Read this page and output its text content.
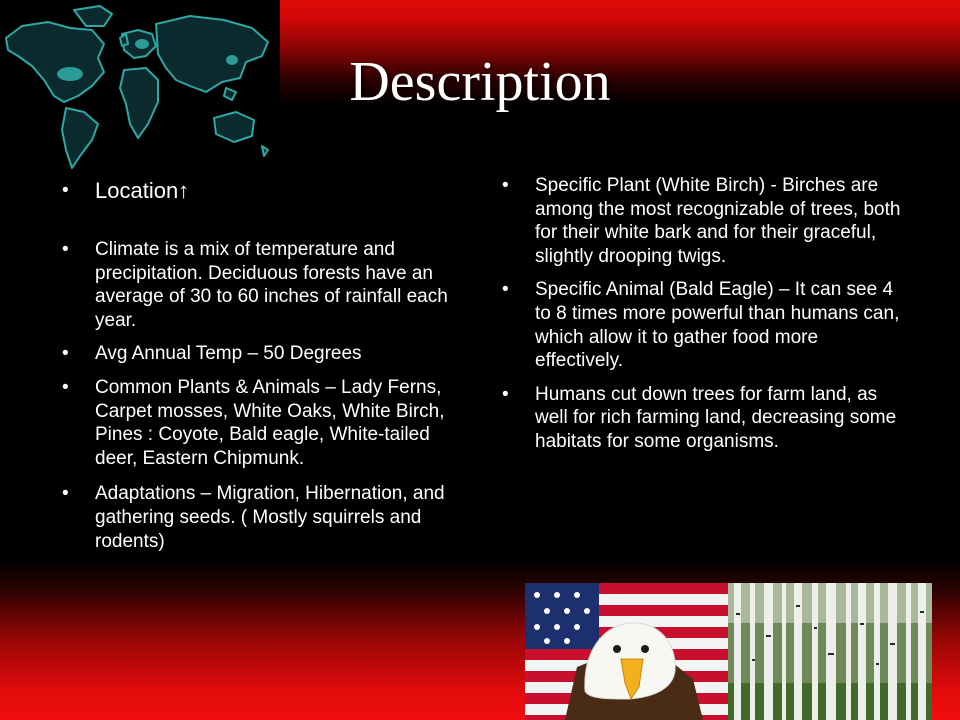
Description
• Location↑
• Climate is a mix of temperature and precipitation. Deciduous forests have an average of 30 to 60 inches of rainfall each year.
• Avg Annual Temp – 50 Degrees
• Common Plants & Animals – Lady Ferns, Carpet mosses, White Oaks, White Birch, Pines : Coyote, Bald eagle, White-tailed deer, Eastern Chipmunk.
• Adaptations – Migration, Hibernation, and gathering seeds. ( Mostly squirrels and rodents)
• Specific Plant (White Birch) - Birches are among the most recognizable of trees, both for their white bark and for their graceful, slightly drooping twigs.
• Specific Animal (Bald Eagle) – It can see 4 to 8 times more powerful than humans can, which allow it to gather food more effectively.
• Humans cut down trees for farm land, as well for rich farming land, decreasing some habitats for some organisms.
